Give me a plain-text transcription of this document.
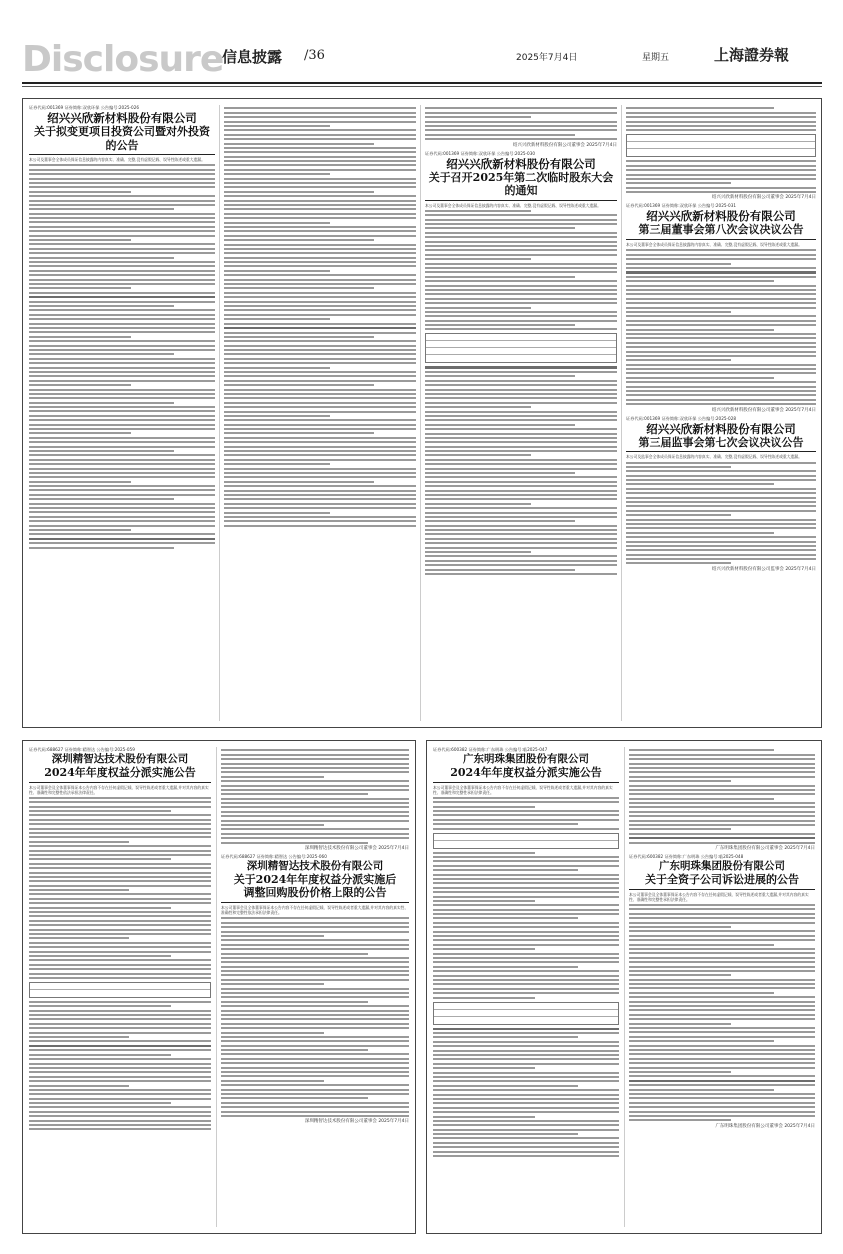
Disclosure
信息披露 /36	2025年7月4日	星期五	上海證券報
证券代码:001369 证券简称:双欣环保 公告编号:2025-026
绍兴兴欣新材料股份有限公司
关于拟变更项目投资公司暨对外投资的公告
本公司及董事会全体成员保证信息披露的内容真实、准确、完整,没有虚假记载、误导性陈述或重大遗漏。
绍兴兴欣新材料股份有限公司董事会 2025年7月4日
证券代码:001369 证券简称:双欣环保 公告编号:2025-030
绍兴兴欣新材料股份有限公司
关于召开2025年第二次临时股东大会的通知
本公司及董事会全体成员保证信息披露的内容真实、准确、完整,没有虚假记载、误导性陈述或重大遗漏。
绍兴兴欣新材料股份有限公司董事会 2025年7月4日
证券代码:001369 证券简称:双欣环保 公告编号:2025-031
绍兴兴欣新材料股份有限公司
第三届董事会第八次会议决议公告
本公司及董事会全体成员保证信息披露的内容真实、准确、完整,没有虚假记载、误导性陈述或重大遗漏。
绍兴兴欣新材料股份有限公司董事会 2025年7月4日
证券代码:001369 证券简称:双欣环保 公告编号:2025-028
绍兴兴欣新材料股份有限公司
第三届监事会第七次会议决议公告
本公司及监事会全体成员保证信息披露的内容真实、准确、完整,没有虚假记载、误导性陈述或重大遗漏。
绍兴兴欣新材料股份有限公司监事会 2025年7月4日
证券代码:688627 证券简称:精智达 公告编号:2025-059
深圳精智达技术股份有限公司
2024年年度权益分派实施公告
本公司董事会及全体董事保证本公告内容不存在任何虚假记载、误导性陈述或者重大遗漏,并对其内容的真实性、准确性和完整性依法承担法律责任。
深圳精智达技术股份有限公司董事会 2025年7月4日
证券代码:688627 证券简称:精智达 公告编号:2025-060
深圳精智达技术股份有限公司
关于2024年年度权益分派实施后
调整回购股份价格上限的公告
本公司董事会及全体董事保证本公告内容不存在任何虚假记载、误导性陈述或者重大遗漏,并对其内容的真实性、准确性和完整性依法承担法律责任。
深圳精智达技术股份有限公司董事会 2025年7月4日
证券代码:600382 证券简称:广东明珠 公告编号:临2025-047
广东明珠集团股份有限公司
2024年年度权益分派实施公告
本公司董事会及全体董事保证本公告内容不存在任何虚假记载、误导性陈述或者重大遗漏,并对其内容的真实性、准确性和完整性承担法律责任。
广东明珠集团股份有限公司董事会 2025年7月4日
证券代码:600382 证券简称:广东明珠 公告编号:临2025-048
广东明珠集团股份有限公司
关于全资子公司诉讼进展的公告
本公司董事会及全体董事保证本公告内容不存在任何虚假记载、误导性陈述或者重大遗漏,并对其内容的真实性、准确性和完整性承担法律责任。
广东明珠集团股份有限公司董事会 2025年7月4日
